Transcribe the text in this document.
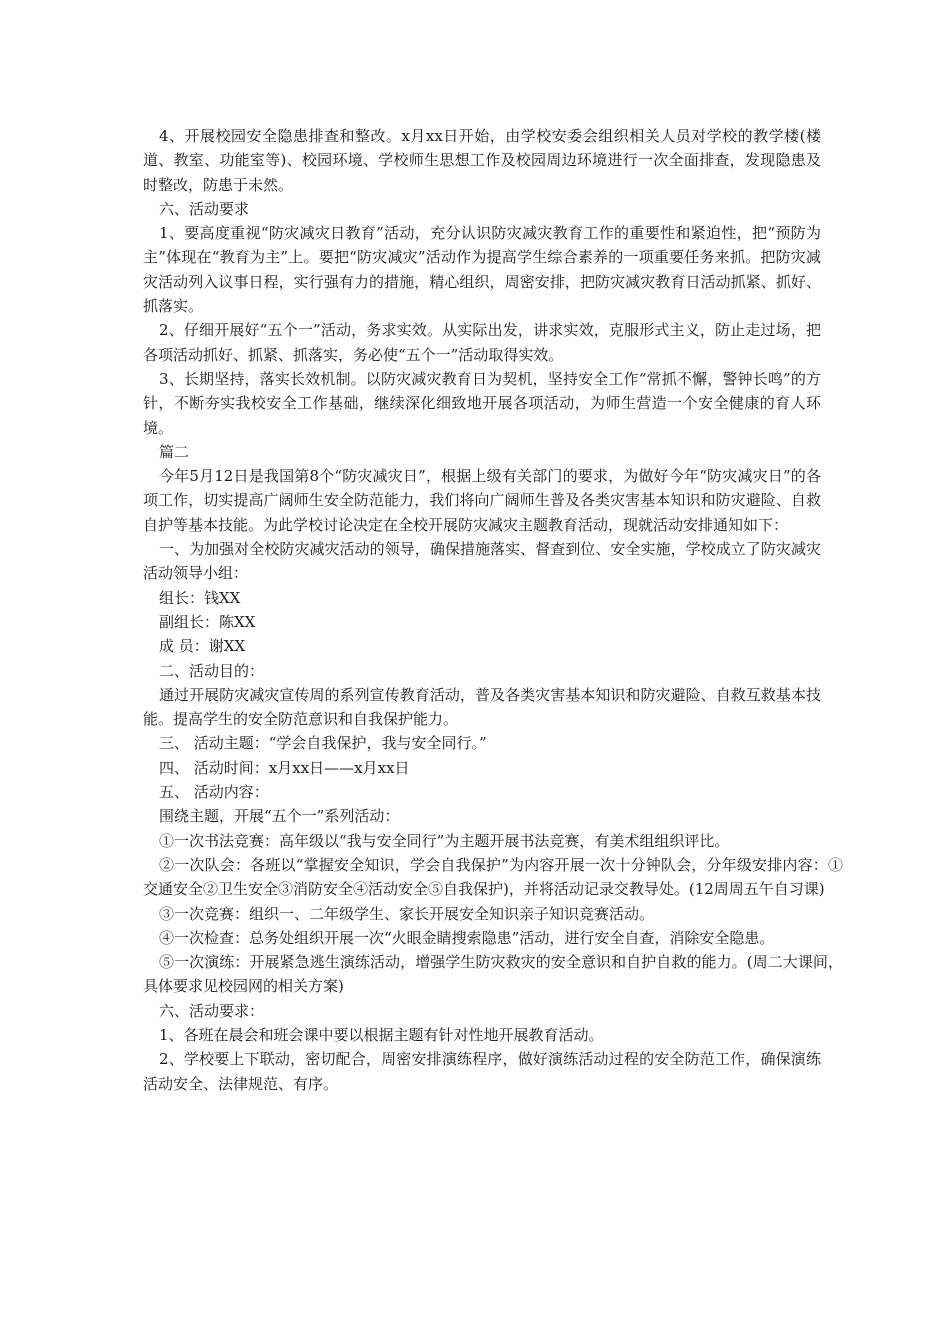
4、开展校园安全隐患排查和整改。x月xx日开始，由学校安委会组织相关人员对学校的教学楼(楼道、教室、功能室等)、校园环境、学校师生思想工作及校园周边环境进行一次全面排查，发现隐患及时整改，防患于未然。

六、活动要求

1、要高度重视“防灾减灾日教育”活动，充分认识防灾减灾教育工作的重要性和紧迫性，把“预防为主”体现在“教育为主”上。要把“防灾减灾”活动作为提高学生综合素养的一项重要任务来抓。把防灾减灾活动列入议事日程，实行强有力的措施，精心组织，周密安排，把防灾减灾教育日活动抓紧、抓好、抓落实。

2、仔细开展好“五个一”活动，务求实效。从实际出发，讲求实效，克服形式主义，防止走过场，把各项活动抓好、抓紧、抓落实，务必使“五个一”活动取得实效。

3、长期坚持，落实长效机制。以防灾减灾教育日为契机，坚持安全工作“常抓不懈，警钟长鸣”的方针，不断夯实我校安全工作基础，继续深化细致地开展各项活动，为师生营造一个安全健康的育人环境。

篇二

今年5月12日是我国第8个“防灾减灾日”，根据上级有关部门的要求，为做好今年“防灾减灾日”的各项工作，切实提高广阔师生安全防范能力，我们将向广阔师生普及各类灾害基本知识和防灾避险、自救自护等基本技能。为此学校讨论决定在全校开展防灾减灾主题教育活动，现就活动安排通知如下：

一、为加强对全校防灾减灾活动的领导，确保措施落实、督查到位、安全实施，学校成立了防灾减灾活动领导小组：

组长：钱XX

副组长：陈XX

成 员：谢XX

二、活动目的：

通过开展防灾减灾宣传周的系列宣传教育活动，普及各类灾害基本知识和防灾避险、自救互救基本技能。提高学生的安全防范意识和自我保护能力。

三、 活动主题：“学会自我保护，我与安全同行。”

四、 活动时间：x月xx日——x月xx日

五、 活动内容：

围绕主题，开展“五个一”系列活动：

①一次书法竞赛：高年级以“我与安全同行”为主题开展书法竞赛，有美术组组织评比。

②一次队会：各班以“掌握安全知识，学会自我保护”为内容开展一次十分钟队会，分年级安排内容：①交通安全②卫生安全③消防安全④活动安全⑤自我保护)，并将活动记录交教导处。(12周周五午自习课)

③一次竞赛：组织一、二年级学生、家长开展安全知识亲子知识竞赛活动。

④一次检查：总务处组织开展一次“火眼金睛搜索隐患”活动，进行安全自查，消除安全隐患。

⑤一次演练：开展紧急逃生演练活动，增强学生防灾救灾的安全意识和自护自救的能力。(周二大课间，具体要求见校园网的相关方案)

六、活动要求：

1、各班在晨会和班会课中要以根据主题有针对性地开展教育活动。

2、学校要上下联动，密切配合，周密安排演练程序，做好演练活动过程的安全防范工作，确保演练活动安全、法律规范、有序。
